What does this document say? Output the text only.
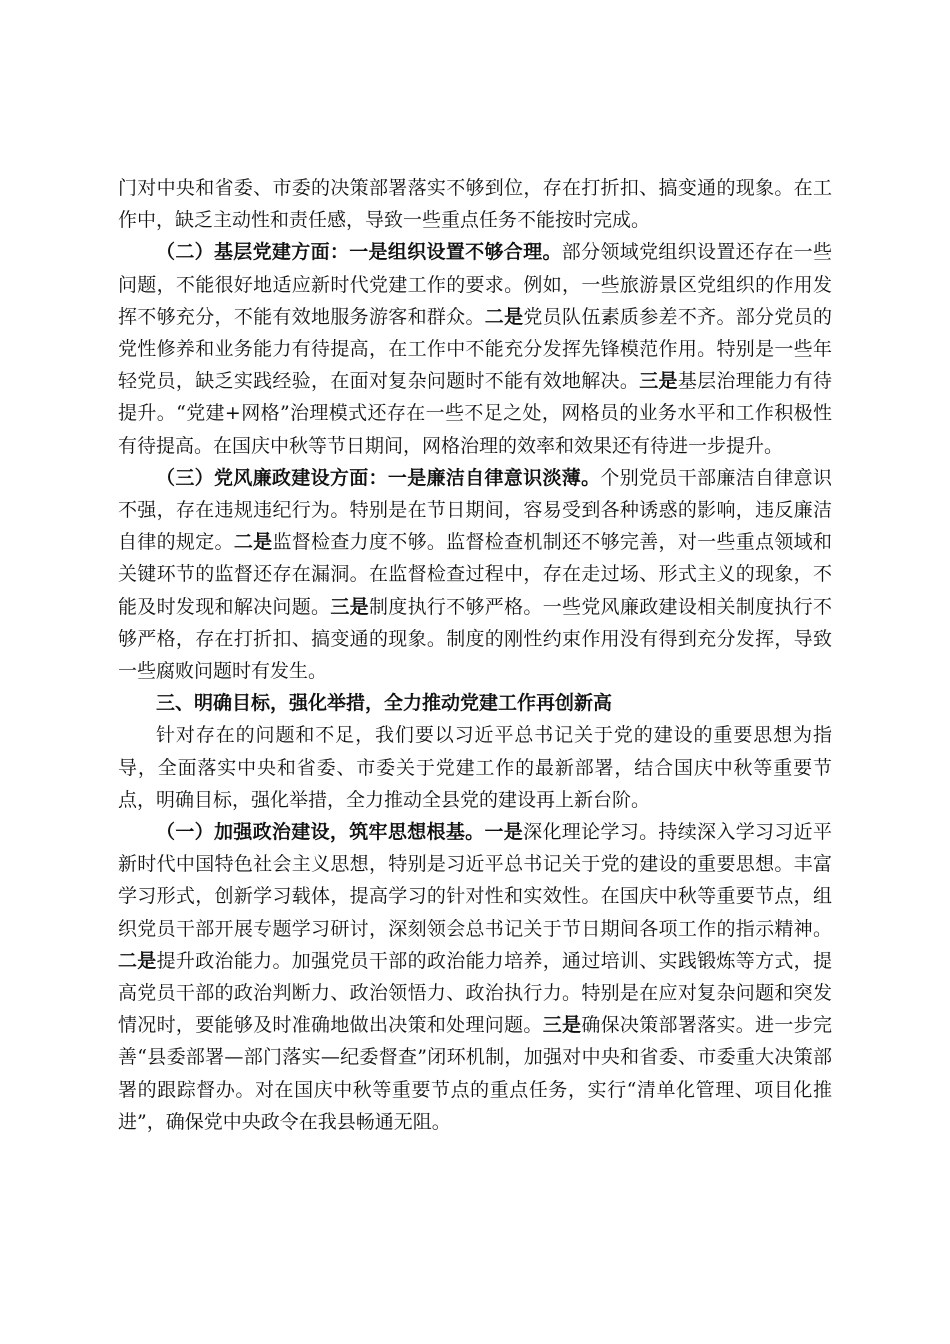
门对中央和省委、市委的决策部署落实不够到位，存在打折扣、搞变通的现象。在工作中，缺乏主动性和责任感，导致一些重点任务不能按时完成。

（二）基层党建方面：一是组织设置不够合理。部分领域党组织设置还存在一些问题，不能很好地适应新时代党建工作的要求。例如，一些旅游景区党组织的作用发挥不够充分，不能有效地服务游客和群众。二是党员队伍素质参差不齐。部分党员的党性修养和业务能力有待提高，在工作中不能充分发挥先锋模范作用。特别是一些年轻党员，缺乏实践经验，在面对复杂问题时不能有效地解决。三是基层治理能力有待提升。“党建+网格”治理模式还存在一些不足之处，网格员的业务水平和工作积极性有待提高。在国庆中秋等节日期间，网格治理的效率和效果还有待进一步提升。

（三）党风廉政建设方面：一是廉洁自律意识淡薄。个别党员干部廉洁自律意识不强，存在违规违纪行为。特别是在节日期间，容易受到各种诱惑的影响，违反廉洁自律的规定。二是监督检查力度不够。监督检查机制还不够完善，对一些重点领域和关键环节的监督还存在漏洞。在监督检查过程中，存在走过场、形式主义的现象，不能及时发现和解决问题。三是制度执行不够严格。一些党风廉政建设相关制度执行不够严格，存在打折扣、搞变通的现象。制度的刚性约束作用没有得到充分发挥，导致一些腐败问题时有发生。

三、明确目标，强化举措，全力推动党建工作再创新高

针对存在的问题和不足，我们要以习近平总书记关于党的建设的重要思想为指导，全面落实中央和省委、市委关于党建工作的最新部署，结合国庆中秋等重要节点，明确目标，强化举措，全力推动全县党的建设再上新台阶。

（一）加强政治建设，筑牢思想根基。一是深化理论学习。持续深入学习习近平新时代中国特色社会主义思想，特别是习近平总书记关于党的建设的重要思想。丰富学习形式，创新学习载体，提高学习的针对性和实效性。在国庆中秋等重要节点，组织党员干部开展专题学习研讨，深刻领会总书记关于节日期间各项工作的指示精神。二是提升政治能力。加强党员干部的政治能力培养，通过培训、实践锻炼等方式，提高党员干部的政治判断力、政治领悟力、政治执行力。特别是在应对复杂问题和突发情况时，要能够及时准确地做出决策和处理问题。三是确保决策部署落实。进一步完善“县委部署—部门落实—纪委督查”闭环机制，加强对中央和省委、市委重大决策部署的跟踪督办。对在国庆中秋等重要节点的重点任务，实行“清单化管理、项目化推进”，确保党中央政令在我县畅通无阻。
